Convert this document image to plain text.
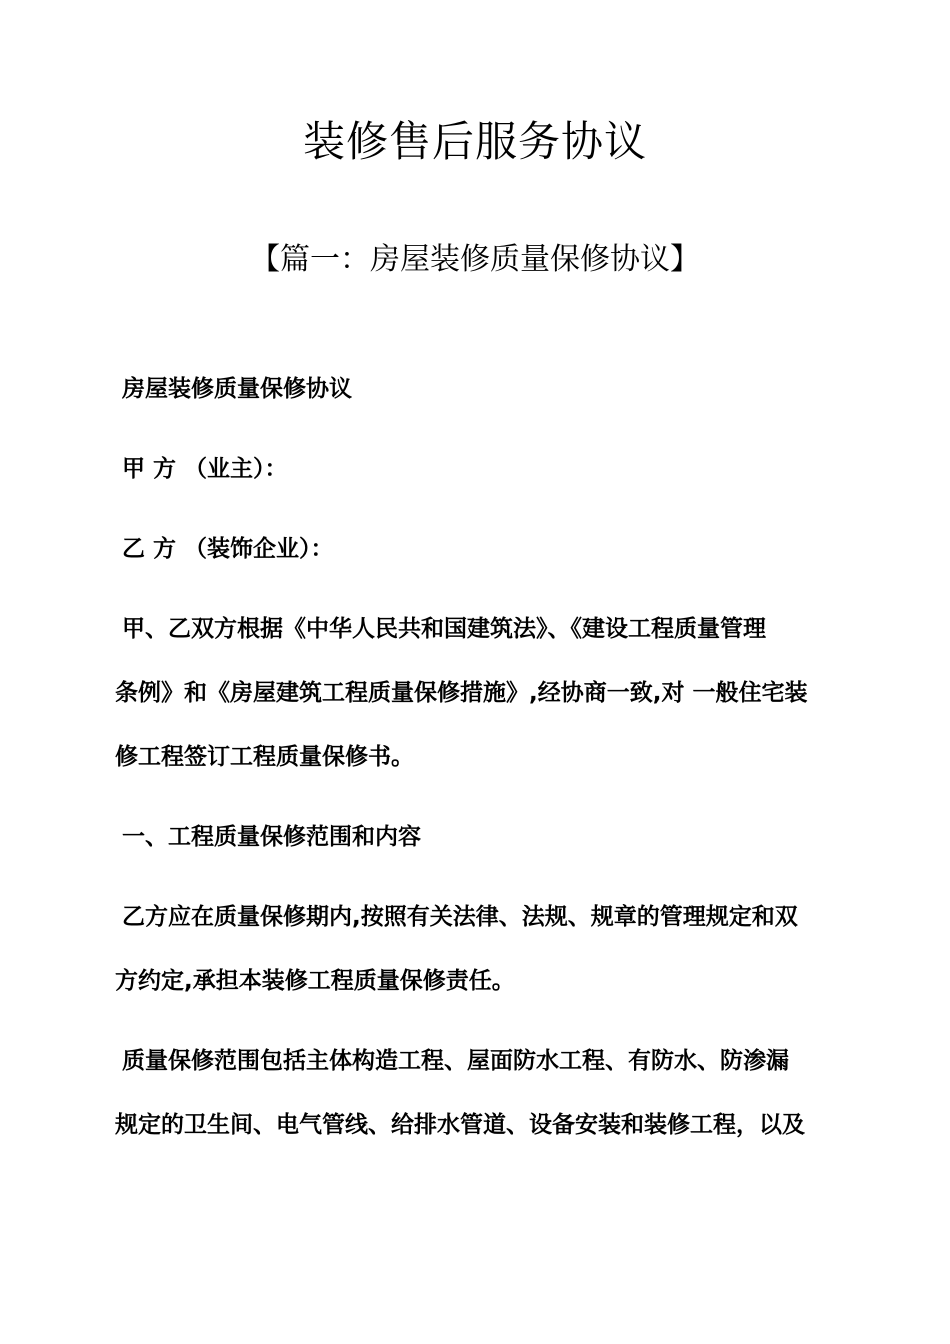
装修售后服务协议
【篇一：房屋装修质量保修协议】

房屋装修质量保修协议

甲 方 （业主）：

乙 方 （装饰企业）：

甲、乙双方根据《中华人民共和国建筑法》、《建设工程质量管理

条例》和《房屋建筑工程质量保修措施》,经协商一致,对 一般住宅装

修工程签订工程质量保修书。

一、工程质量保修范围和内容

乙方应在质量保修期内,按照有关法律、法规、规章的管理规定和双

方约定,承担本装修工程质量保修责任。

质量保修范围包括主体构造工程、屋面防水工程、有防水、防渗漏

规定的卫生间、电气管线、给排水管道、设备安装和装修工程，以及
